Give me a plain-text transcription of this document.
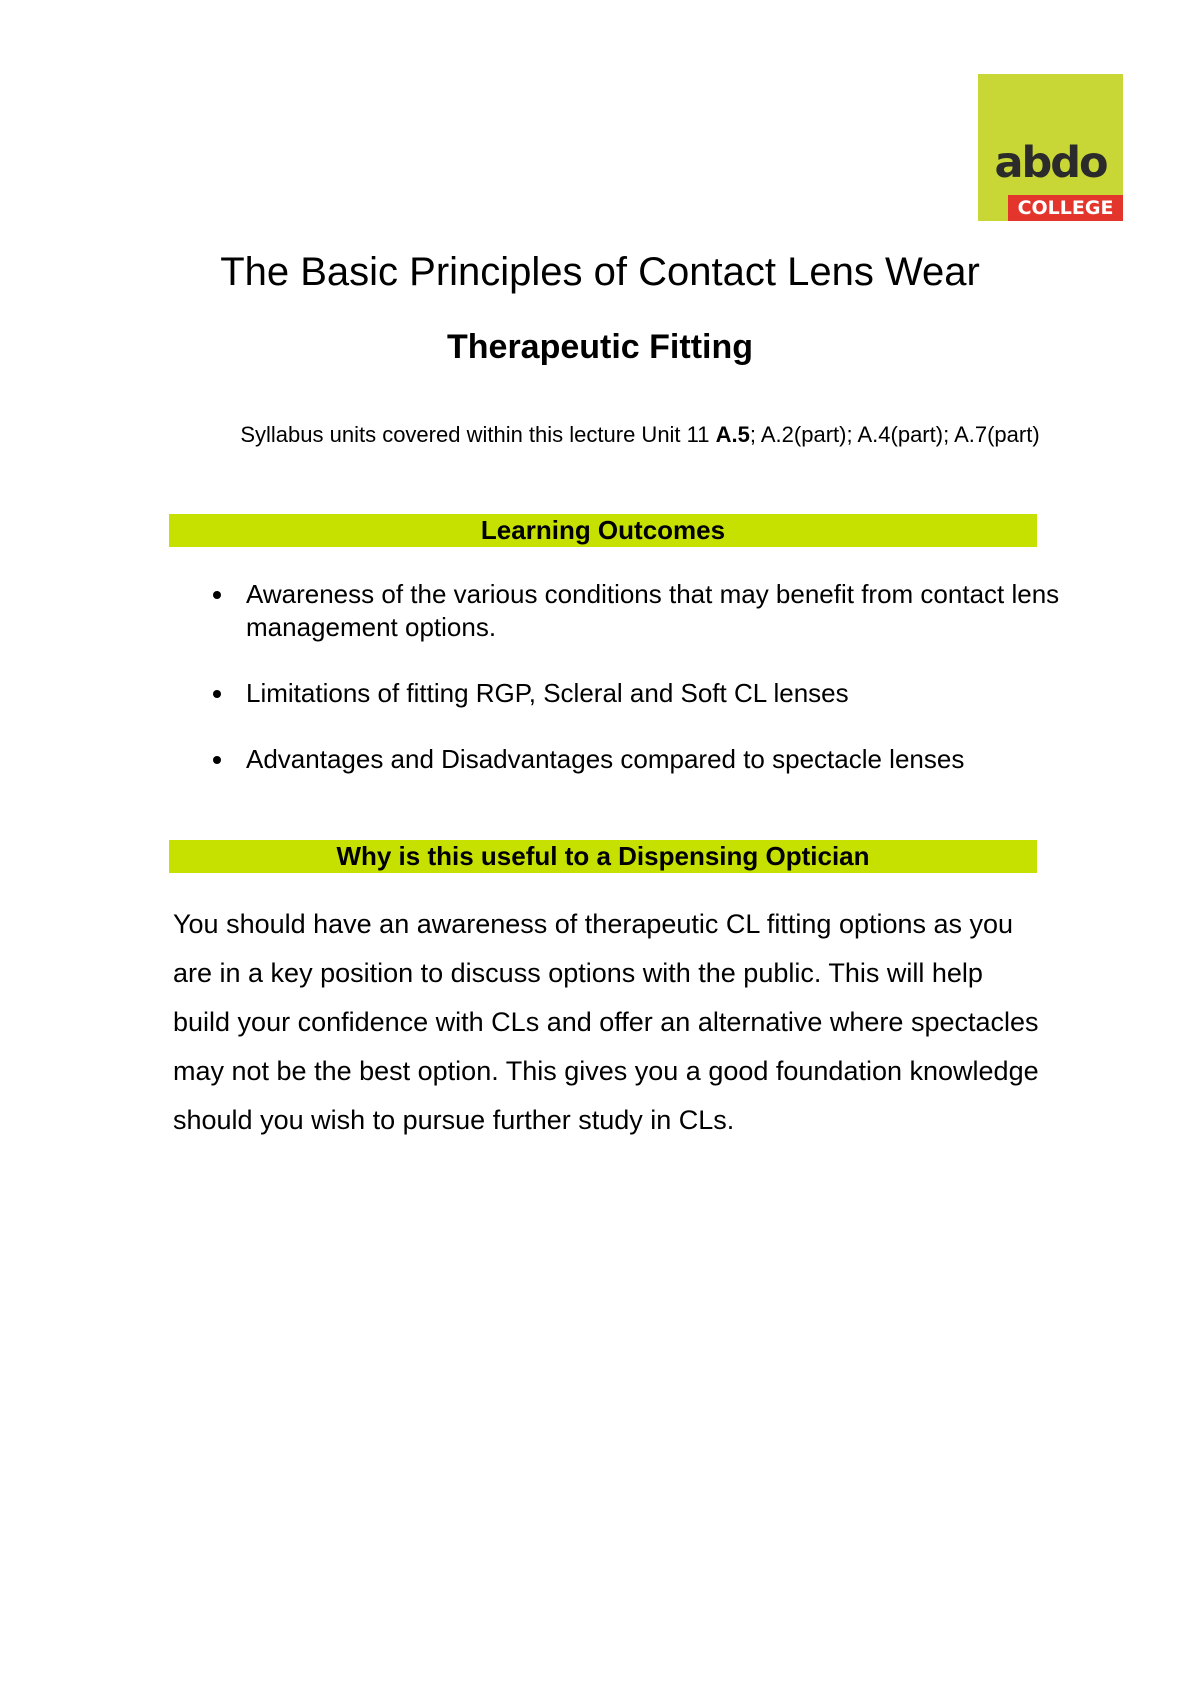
abdo
COLLEGE
The Basic Principles of Contact Lens Wear
Therapeutic Fitting
Syllabus units covered within this lecture Unit 11 A.5; A.2(part); A.4(part); A.7(part)
Learning Outcomes
Awareness of the various conditions that may benefit from contact lens management options.
Limitations of fitting RGP, Scleral and Soft CL lenses
Advantages and Disadvantages compared to spectacle lenses
Why is this useful to a Dispensing Optician

You should have an awareness of therapeutic CL fitting options as you are in a key position to discuss options with the public. This will help build your confidence with CLs and offer an alternative where spectacles may not be the best option. This gives you a good foundation knowledge should you wish to pursue further study in CLs.
